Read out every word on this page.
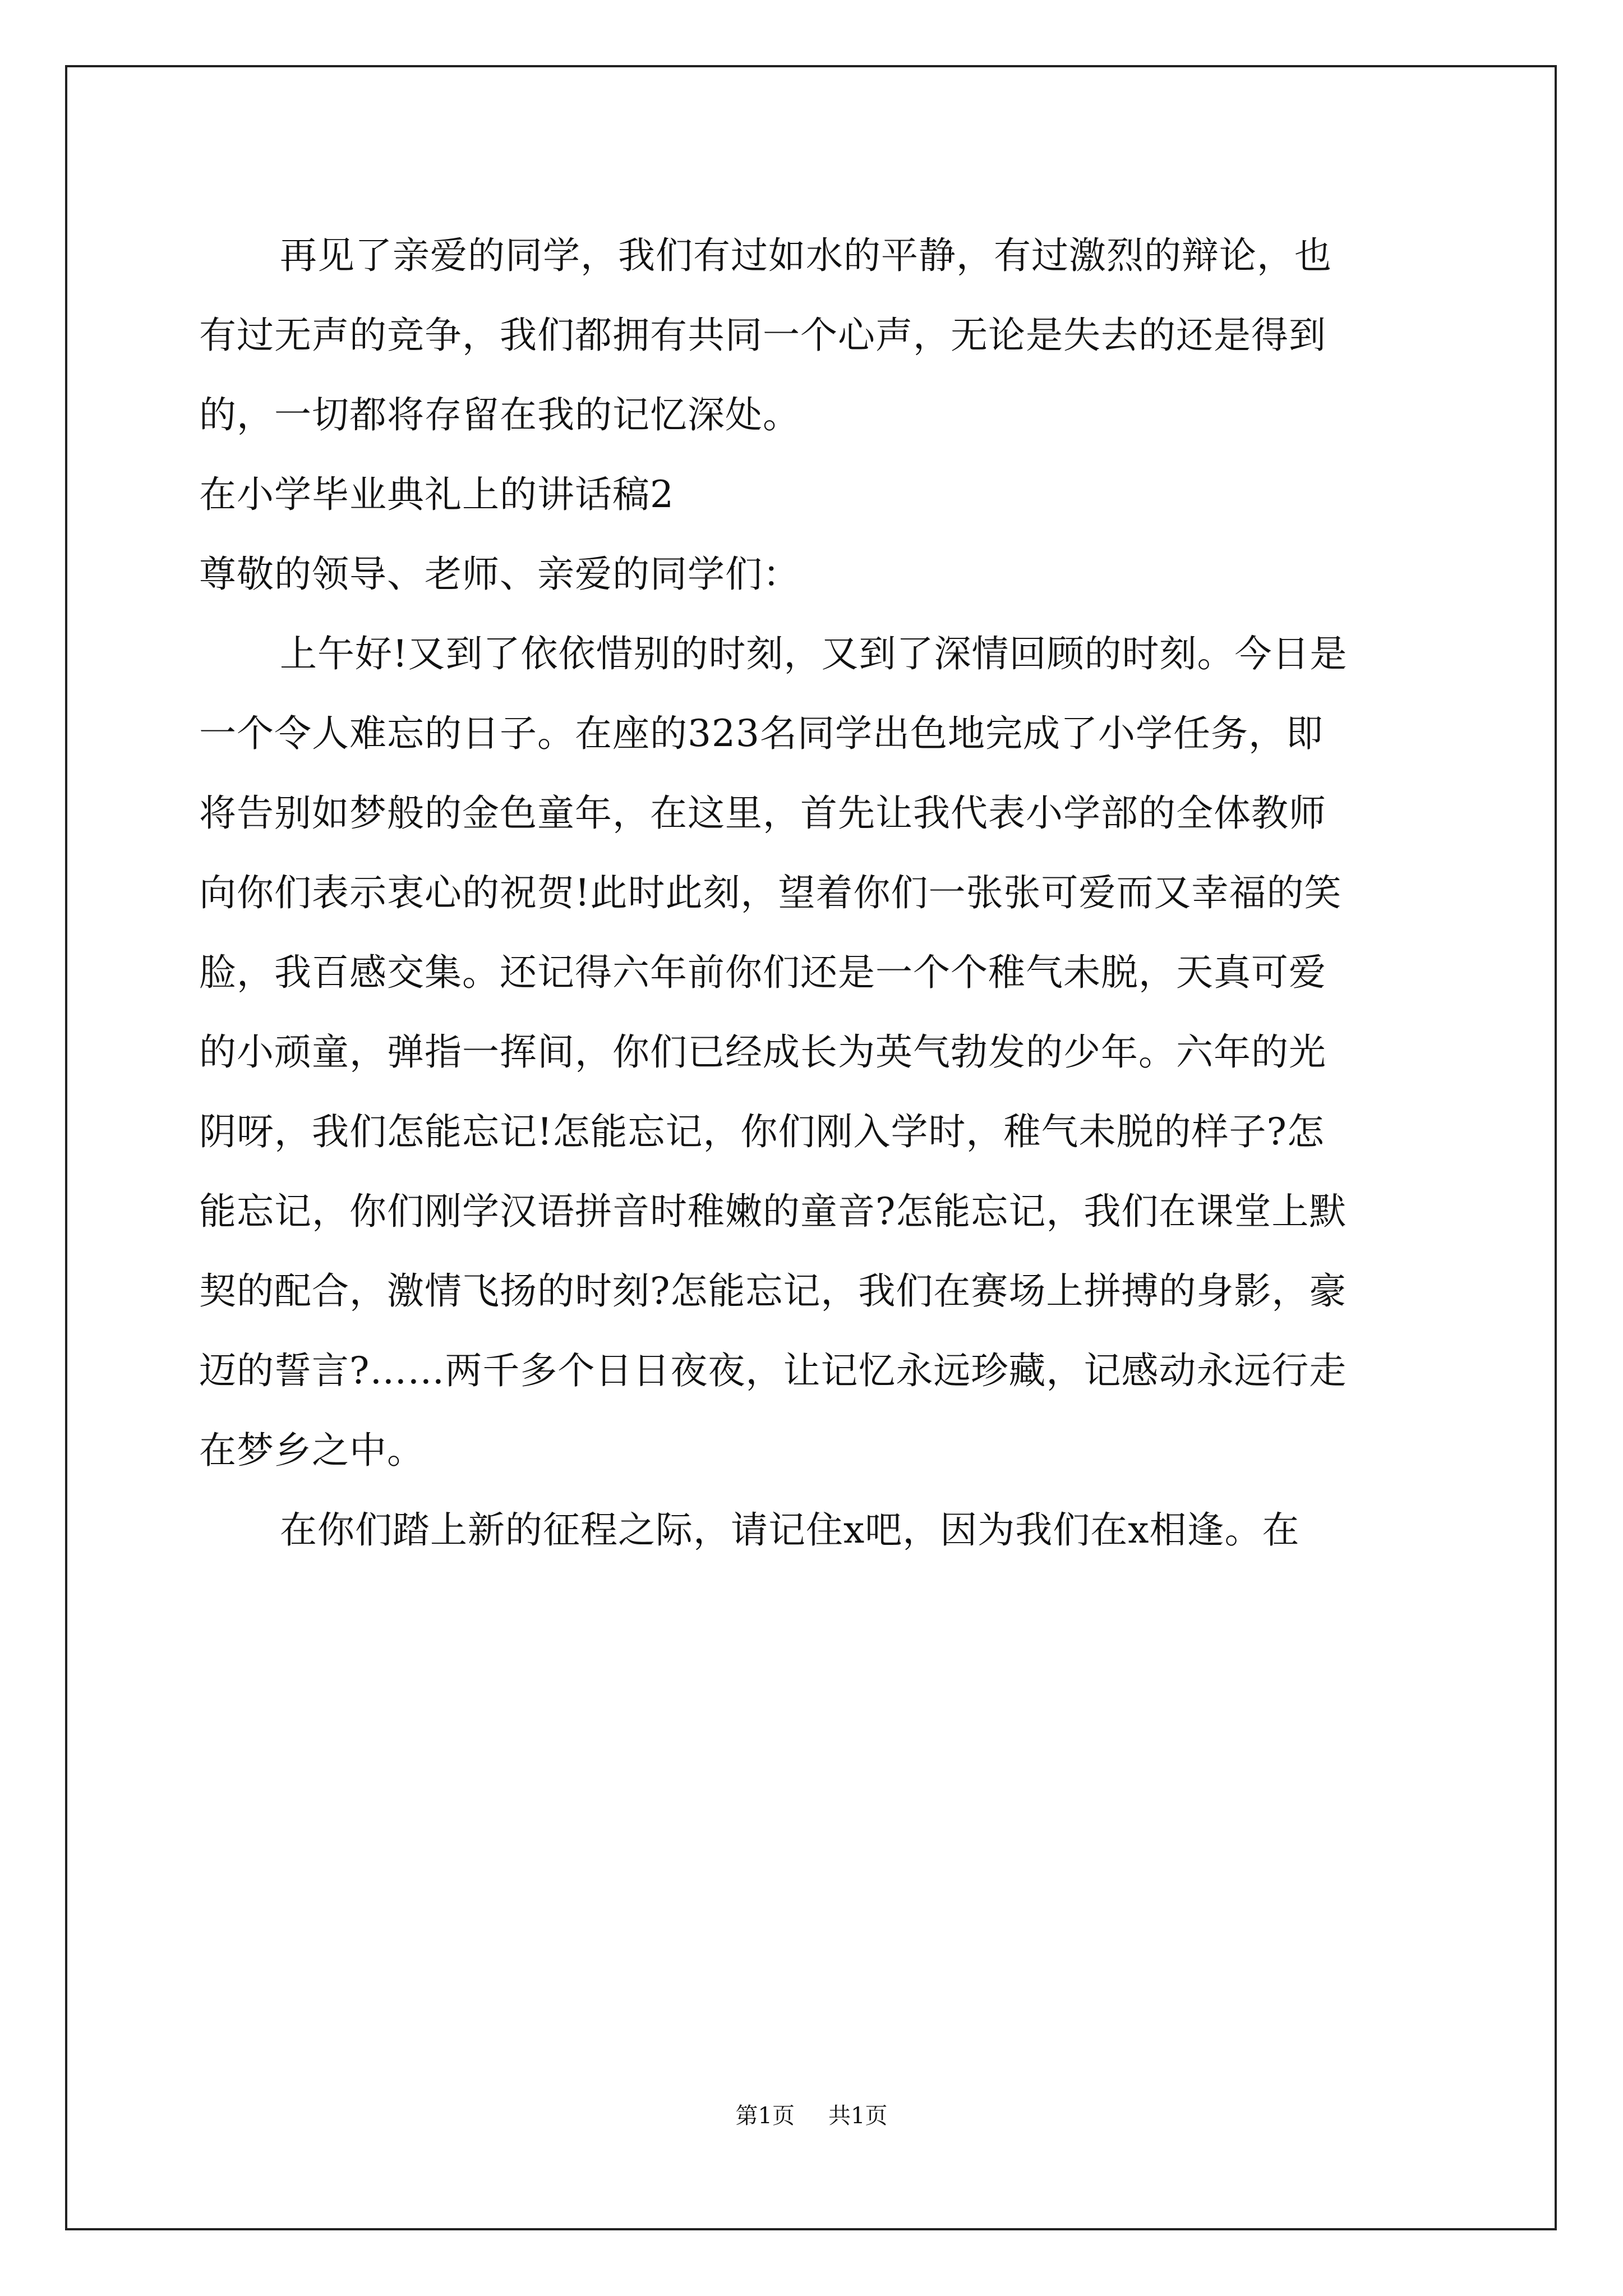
再见了亲爱的同学，我们有过如水的平静，有过激烈的辩论，也
有过无声的竞争，我们都拥有共同一个心声，无论是失去的还是得到
的，一切都将存留在我的记忆深处。
在小学毕业典礼上的讲话稿2
尊敬的领导、老师、亲爱的同学们：
上午好!又到了依依惜别的时刻，又到了深情回顾的时刻。今日是
一个令人难忘的日子。在座的323名同学出色地完成了小学任务，即
将告别如梦般的金色童年，在这里，首先让我代表小学部的全体教师
向你们表示衷心的祝贺!此时此刻，望着你们一张张可爱而又幸福的笑
脸，我百感交集。还记得六年前你们还是一个个稚气未脱，天真可爱
的小顽童，弹指一挥间，你们已经成长为英气勃发的少年。六年的光
阴呀，我们怎能忘记!怎能忘记，你们刚入学时，稚气未脱的样子?怎
能忘记，你们刚学汉语拼音时稚嫩的童音?怎能忘记，我们在课堂上默
契的配合，激情飞扬的时刻?怎能忘记，我们在赛场上拼搏的身影，豪
迈的誓言?……两千多个日日夜夜，让记忆永远珍藏，记感动永远行走
在梦乡之中。
在你们踏上新的征程之际，请记住x吧，因为我们在x相逢。在
第1页 共1页
